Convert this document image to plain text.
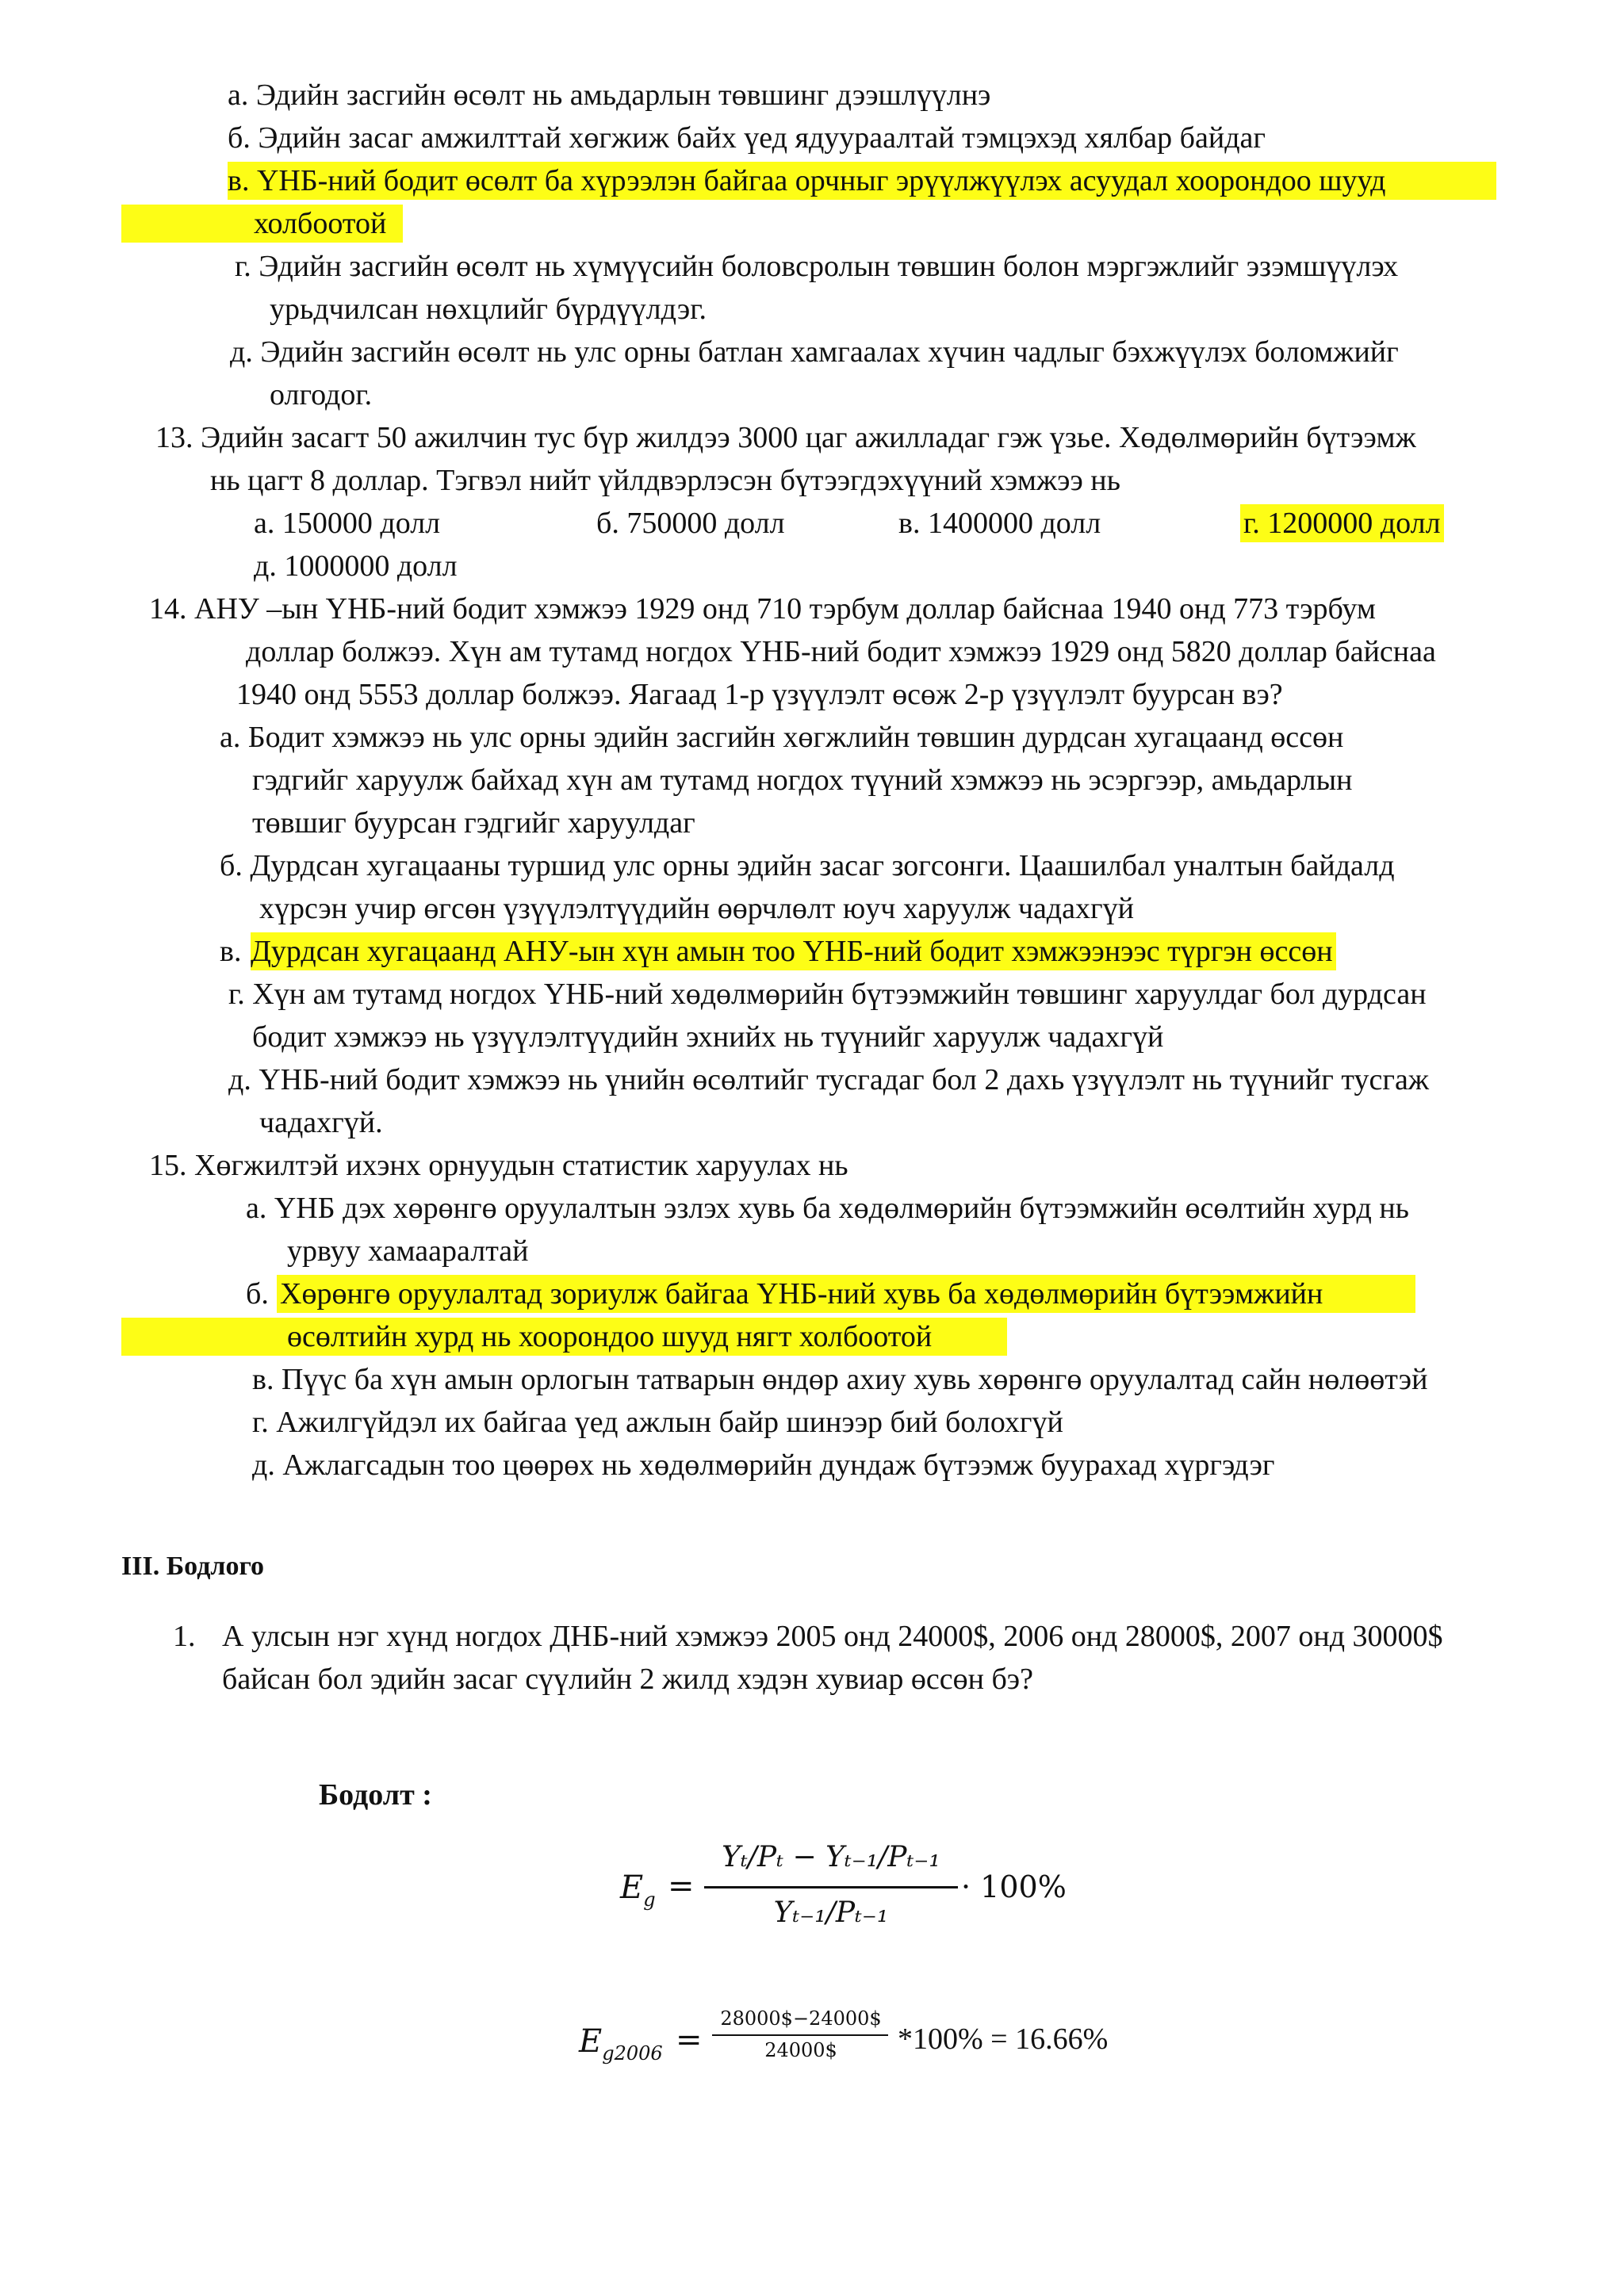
а. Эдийн засгийн өсөлт нь амьдарлын төвшинг дээшлүүлнэ
б. Эдийн засаг амжилттай хөгжиж байх үед ядуураалтай тэмцэхэд хялбар байдаг
в. ҮНБ-ний бодит өсөлт ба хүрээлэн байгаа орчныг эрүүлжүүлэх асуудал хоорондоо шууд
холбоотой
г. Эдийн засгийн өсөлт нь хүмүүсийн боловсролын төвшин болон мэргэжлийг эзэмшүүлэх
урьдчилсан нөхцлийг бүрдүүлдэг.
д. Эдийн засгийн өсөлт нь улс орны батлан хамгаалах хүчин чадлыг бэхжүүлэх боломжийг
олгодог.
13. Эдийн засагт 50 ажилчин тус бүр жилдээ 3000 цаг ажилладаг гэж үзье. Хөдөлмөрийн бүтээмж
нь цагт 8 доллар. Тэгвэл нийт үйлдвэрлэсэн бүтээгдэхүүний хэмжээ нь
а. 150000 долл	б. 750000 долл	в. 1400000 долл	г. 1200000 долл
д. 1000000 долл
14. АНУ –ын ҮНБ-ний бодит хэмжээ 1929 онд 710 тэрбум доллар байснаа 1940 онд 773 тэрбум
доллар болжээ. Хүн ам тутамд ногдох ҮНБ-ний бодит хэмжээ 1929 онд 5820 доллар байснаа
1940 онд 5553 доллар болжээ. Яагаад 1-р үзүүлэлт өсөж 2-р үзүүлэлт буурсан вэ?
а. Бодит хэмжээ нь улс орны эдийн засгийн хөгжлийн төвшин дурдсан хугацаанд өссөн
гэдгийг харуулж байхад хүн ам тутамд ногдох түүний хэмжээ нь эсэргээр, амьдарлын
төвшиг буурсан гэдгийг харуулдаг
б. Дурдсан хугацааны туршид улс орны эдийн засаг зогсонги. Цаашилбал уналтын байдалд
хүрсэн учир өгсөн үзүүлэлтүүдийн өөрчлөлт юуч харуулж чадахгүй
в. Дурдсан хугацаанд АНУ-ын хүн амын тоо ҮНБ-ний бодит хэмжээнээс түргэн өссөн
г. Хүн ам тутамд ногдох ҮНБ-ний хөдөлмөрийн бүтээмжийн төвшинг харуулдаг бол дурдсан
бодит хэмжээ нь үзүүлэлтүүдийн эхнийх нь түүнийг харуулж чадахгүй
д. ҮНБ-ний бодит хэмжээ нь үнийн өсөлтийг тусгадаг бол 2 дахь үзүүлэлт нь түүнийг тусгаж
чадахгүй.
15. Хөгжилтэй ихэнх орнуудын статистик харуулах нь
а. ҮНБ дэх хөрөнгө оруулалтын эзлэх хувь ба хөдөлмөрийн бүтээмжийн өсөлтийн хурд нь
урвуу хамааралтай
б. Хөрөнгө оруулалтад зориулж байгаа ҮНБ-ний хувь ба хөдөлмөрийн бүтээмжийн
өсөлтийн хурд нь хоорондоо шууд нягт холбоотой
в. Пүүс ба хүн амын орлогын татварын өндөр ахиу хувь хөрөнгө оруулалтад сайн нөлөөтэй
г. Ажилгүйдэл их байгаа үед ажлын байр шинээр бий болохгүй
д. Ажлагсадын тоо цөөрөх нь хөдөлмөрийн дундаж бүтээмж буурахад хүргэдэг
III. Бодлого
1. А улсын нэг хүнд ногдох ДНБ-ний хэмжээ 2005 онд 24000$, 2006 онд 28000$, 2007 онд 30000$
байсан бол эдийн засаг сүүлийн 2 жилд хэдэн хувиар өссөн бэ?
Бодолт :
$E_g$ =
Yₜ/Pₜ − Yₜ₋₁/Pₜ₋₁
Yₜ₋₁/Pₜ₋₁
· 100%
$E_{g2006}$ =
28000$−24000$
24000$	*100% = 16.66%
